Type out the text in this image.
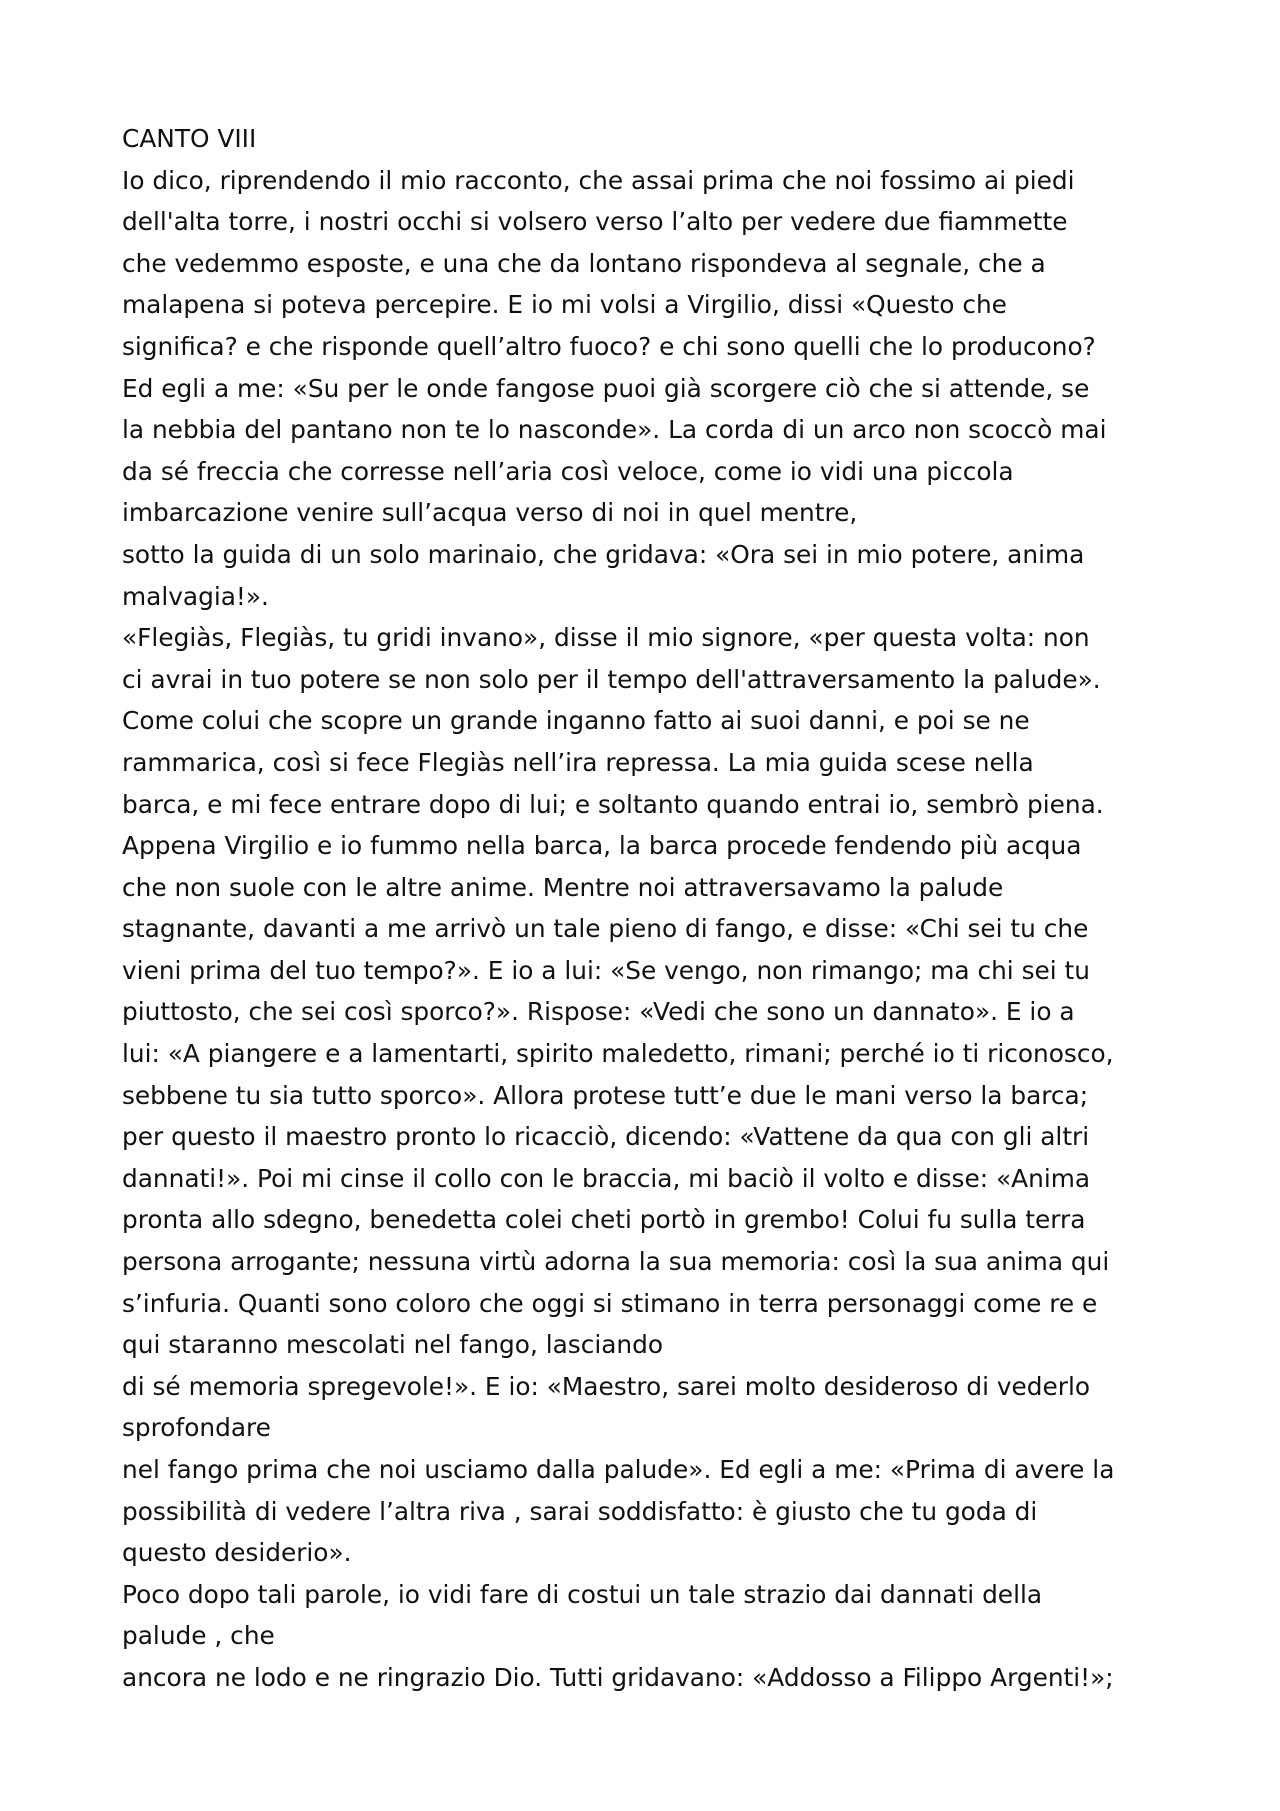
CANTO VIII
Io dico, riprendendo il mio racconto, che assai prima che noi fossimo ai piedi
dell'alta torre, i nostri occhi si volsero verso l’alto per vedere due fiammette
che vedemmo esposte, e una che da lontano rispondeva al segnale, che a
malapena si poteva percepire. E io mi volsi a Virgilio, dissi «Questo che
significa? e che risponde quell’altro fuoco? e chi sono quelli che lo producono?
Ed egli a me: «Su per le onde fangose puoi già scorgere ciò che si attende, se
la nebbia del pantano non te lo nasconde». La corda di un arco non scoccò mai
da sé freccia che corresse nell’aria così veloce, come io vidi una piccola
imbarcazione venire sull’acqua verso di noi in quel mentre,
sotto la guida di un solo marinaio, che gridava: «Ora sei in mio potere, anima
malvagia!».
«Flegiàs, Flegiàs, tu gridi invano», disse il mio signore, «per questa volta: non
ci avrai in tuo potere se non solo per il tempo dell'attraversamento la palude».
Come colui che scopre un grande inganno fatto ai suoi danni, e poi se ne
rammarica, così si fece Flegiàs nell’ira repressa. La mia guida scese nella
barca, e mi fece entrare dopo di lui; e soltanto quando entrai io, sembrò piena.
Appena Virgilio e io fummo nella barca, la barca procede fendendo più acqua
che non suole con le altre anime. Mentre noi attraversavamo la palude
stagnante, davanti a me arrivò un tale pieno di fango, e disse: «Chi sei tu che
vieni prima del tuo tempo?». E io a lui: «Se vengo, non rimango; ma chi sei tu
piuttosto, che sei così sporco?». Rispose: «Vedi che sono un dannato». E io a
lui: «A piangere e a lamentarti, spirito maledetto, rimani; perché io ti riconosco,
sebbene tu sia tutto sporco». Allora protese tutt’e due le mani verso la barca;
per questo il maestro pronto lo ricacciò, dicendo: «Vattene da qua con gli altri
dannati!». Poi mi cinse il collo con le braccia, mi baciò il volto e disse: «Anima
pronta allo sdegno, benedetta colei cheti portò in grembo! Colui fu sulla terra
persona arrogante; nessuna virtù adorna la sua memoria: così la sua anima qui
s’infuria. Quanti sono coloro che oggi si stimano in terra personaggi come re e
qui staranno mescolati nel fango, lasciando
di sé memoria spregevole!». E io: «Maestro, sarei molto desideroso di vederlo
sprofondare
nel fango prima che noi usciamo dalla palude». Ed egli a me: «Prima di avere la
possibilità di vedere l’altra riva , sarai soddisfatto: è giusto che tu goda di
questo desiderio».
Poco dopo tali parole, io vidi fare di costui un tale strazio dai dannati della
palude , che
ancora ne lodo e ne ringrazio Dio. Tutti gridavano: «Addosso a Filippo Argenti!»;
